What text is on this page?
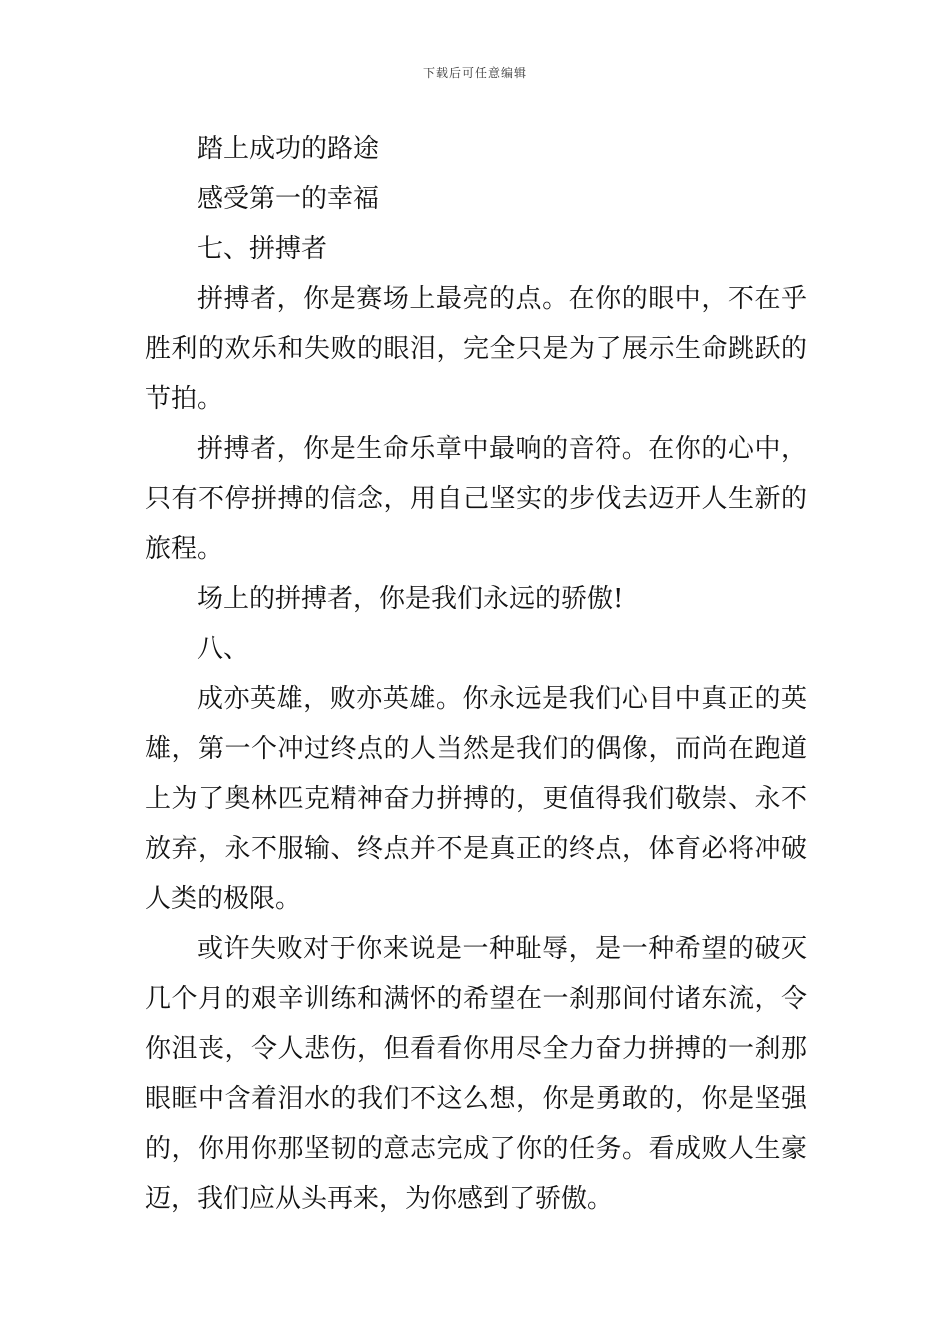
下载后可任意编辑
踏上成功的路途
感受第一的幸福
七、拼搏者
拼搏者，你是赛场上最亮的点。在你的眼中，不在乎
胜利的欢乐和失败的眼泪，完全只是为了展示生命跳跃的
节拍。
拼搏者，你是生命乐章中最响的音符。在你的心中，
只有不停拼搏的信念，用自己坚实的步伐去迈开人生新的
旅程。
场上的拼搏者，你是我们永远的骄傲!
八、
成亦英雄，败亦英雄。你永远是我们心目中真正的英
雄，第一个冲过终点的人当然是我们的偶像，而尚在跑道
上为了奥林匹克精神奋力拼搏的，更值得我们敬崇、永不
放弃，永不服输、终点并不是真正的终点，体育必将冲破
人类的极限。
或许失败对于你来说是一种耻辱，是一种希望的破灭
几个月的艰辛训练和满怀的希望在一刹那间付诸东流，令
你沮丧，令人悲伤，但看看你用尽全力奋力拼搏的一刹那
眼眶中含着泪水的我们不这么想，你是勇敢的，你是坚强
的，你用你那坚韧的意志完成了你的任务。看成败人生豪
迈，我们应从头再来，为你感到了骄傲。
